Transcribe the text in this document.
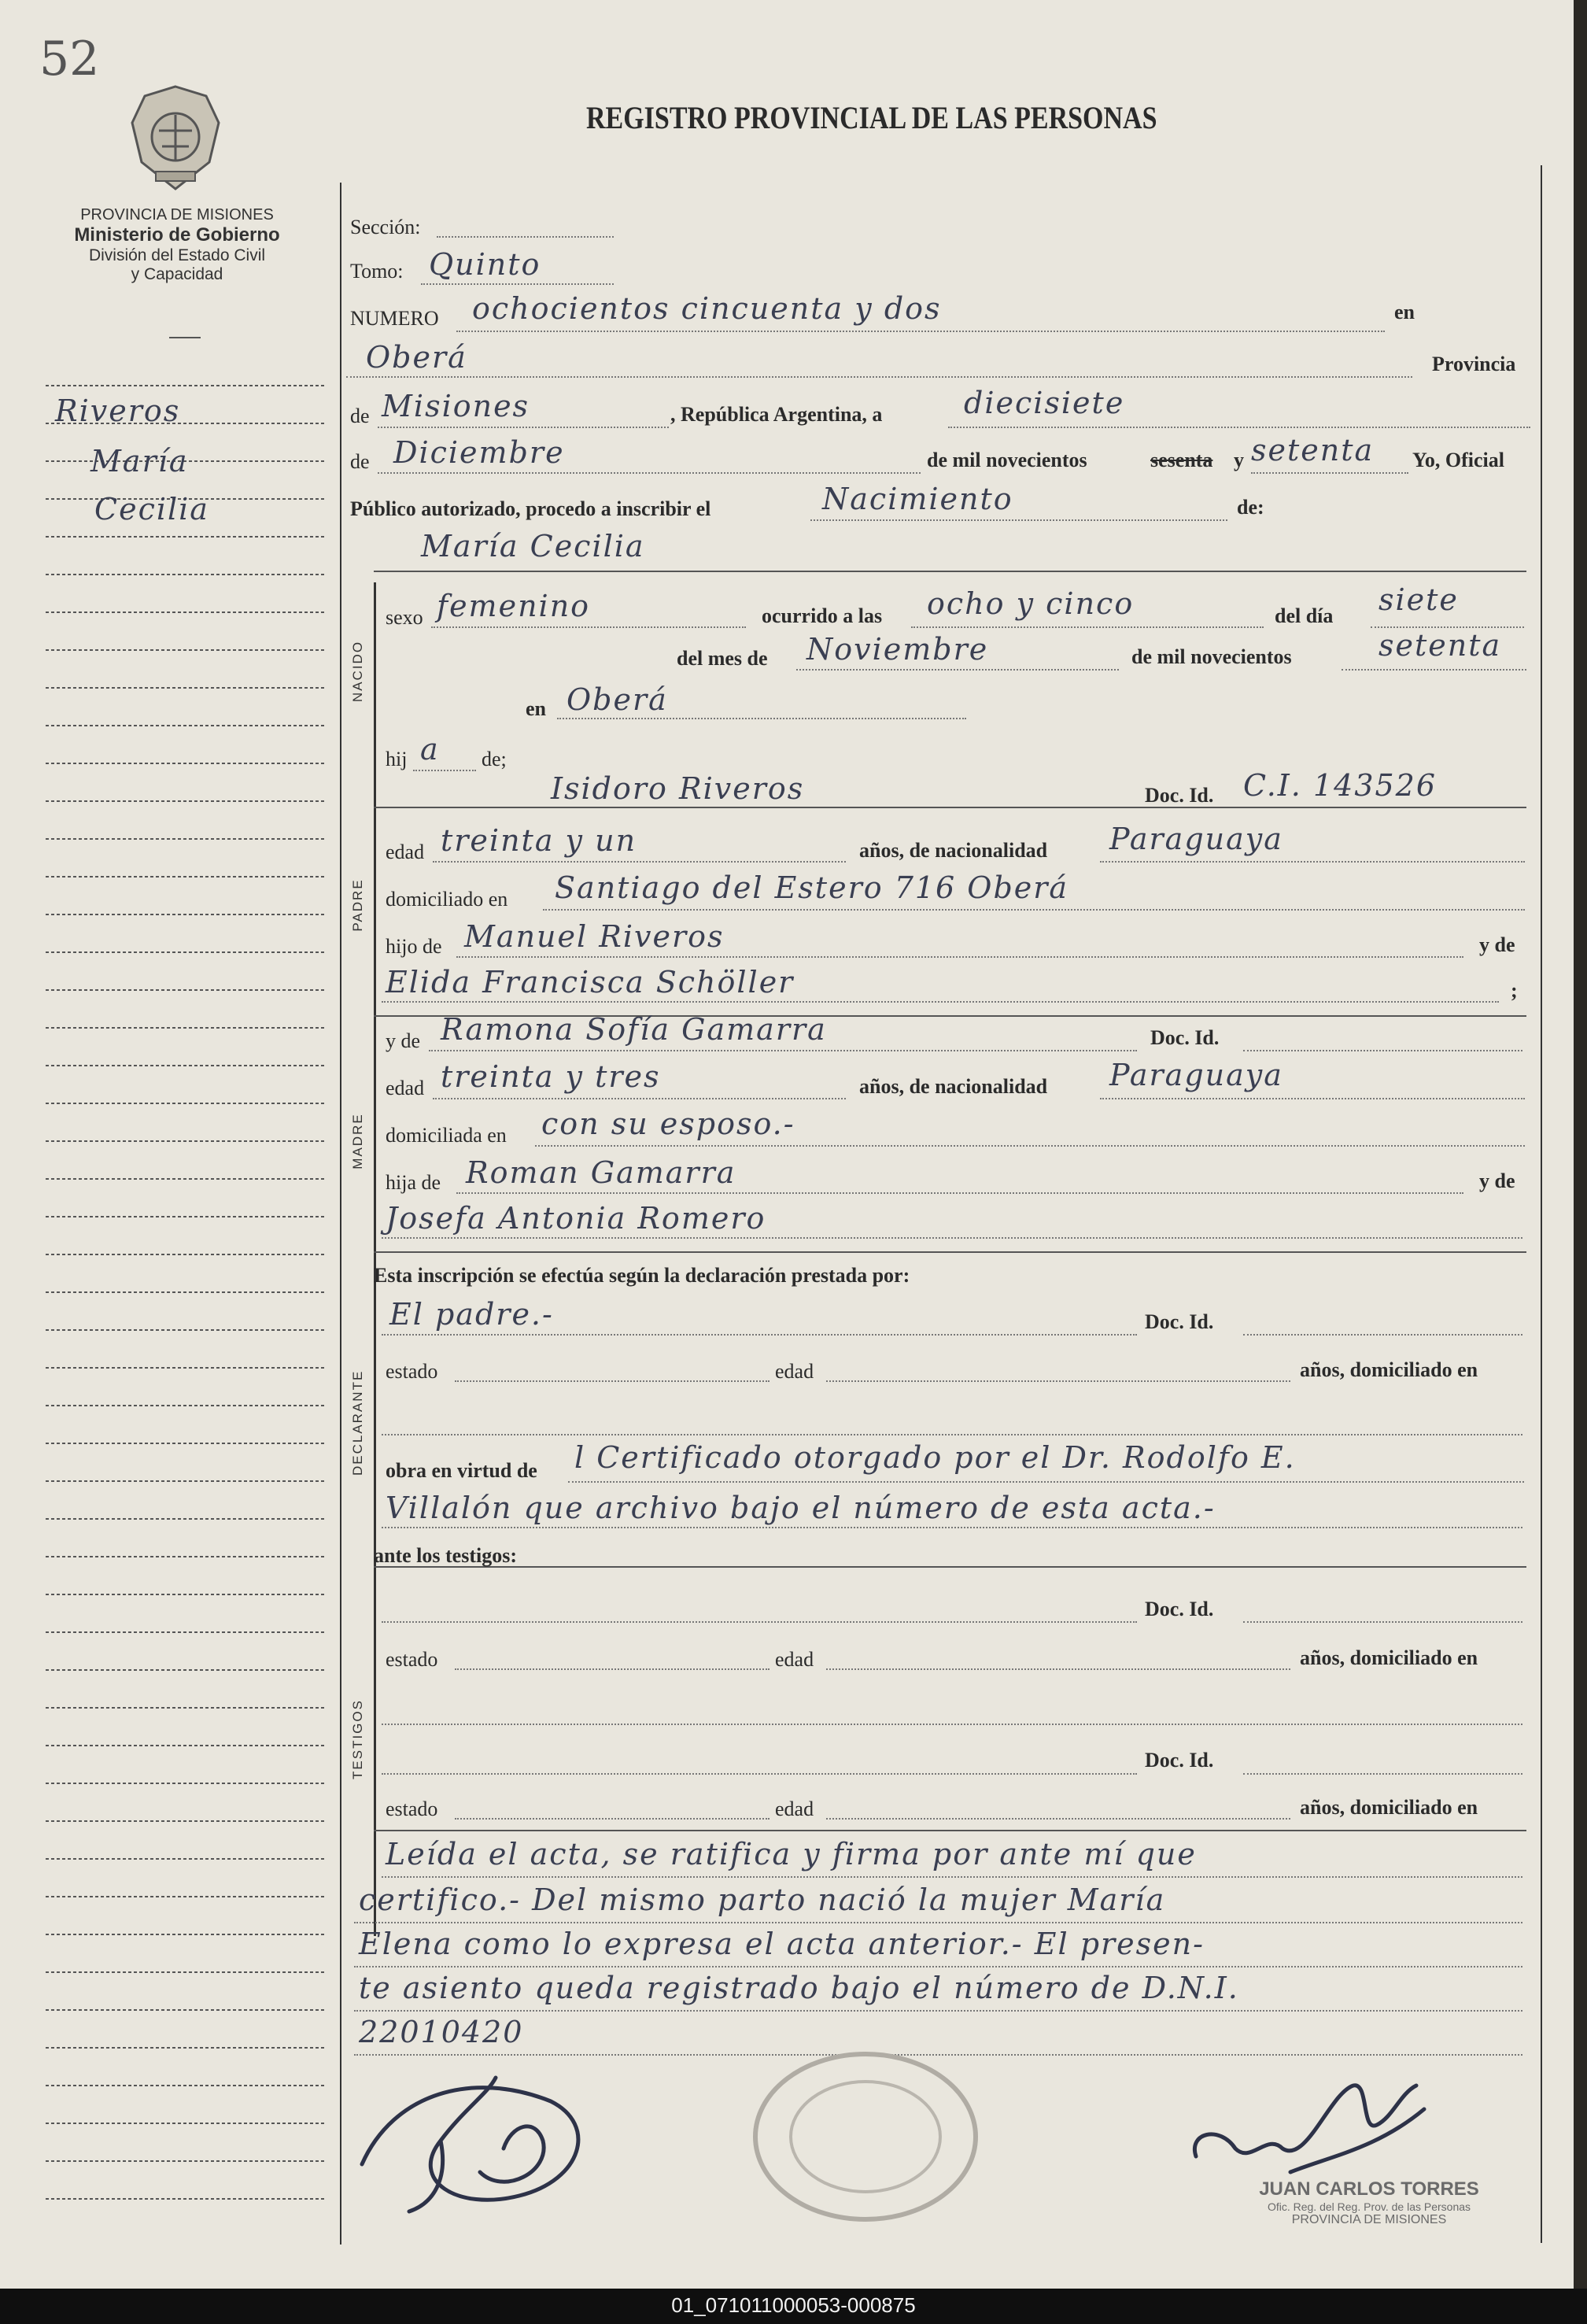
52
PROVINCIA DE MISIONES
Ministerio de Gobierno
División del Estado Civil
y Capacidad
REGISTRO PROVINCIAL DE LAS PERSONAS
Riveros
María
Cecilia
NACIDO
PADRE
MADRE
DECLARANTE
TESTIGOS
Sección:
Tomo: Quinto
NUMERO ochocientos cincuenta y dos	en
Oberá	Provincia
de Misiones	, República Argentina, a	diecisiete
de Diciembre	de mil novecientos	sesenta y setenta Yo, Oficial
Público autorizado, procedo a inscribir el	Nacimiento	de:
María Cecilia
sexo femenino	ocurrido a las ocho y cinco	del día siete
del mes de Noviembre	de mil novecientos	setenta
en Oberá
hij a de;
Isidoro Riveros	Doc. Id. C.I. 143526
edad treinta y un	años, de nacionalidad Paraguaya
domiciliado en Santiago del Estero 716 Oberá
hijo de Manuel Riveros	y de
Elida Francisca Schöller	;
y de Ramona Sofía Gamarra	Doc. Id.
edad treinta y tres	años, de nacionalidad Paraguaya
domiciliada en con su esposo.-
hija de Roman Gamarra	y de
Josefa Antonia Romero
Esta inscripción se efectúa según la declaración prestada por:
El padre.-	Doc. Id.
estado	edad	años, domiciliado en
obra en virtud de l Certificado otorgado por el Dr. Rodolfo E.
Villalón que archivo bajo el número de esta acta.-
ante los testigos:
Doc. Id.
estado	edad	años, domiciliado en
Doc. Id.
estado	edad	años, domiciliado en
Leída el acta, se ratifica y firma por ante mí que
certifico.- Del mismo parto nació la mujer María
Elena como lo expresa el acta anterior.- El presen-
te asiento queda registrado bajo el número de D.N.I.
22010420
JUAN CARLOS TORRES
Ofic. Reg. del Reg. Prov. de las Personas
PROVINCIA DE MISIONES
01_071011000053-000875
